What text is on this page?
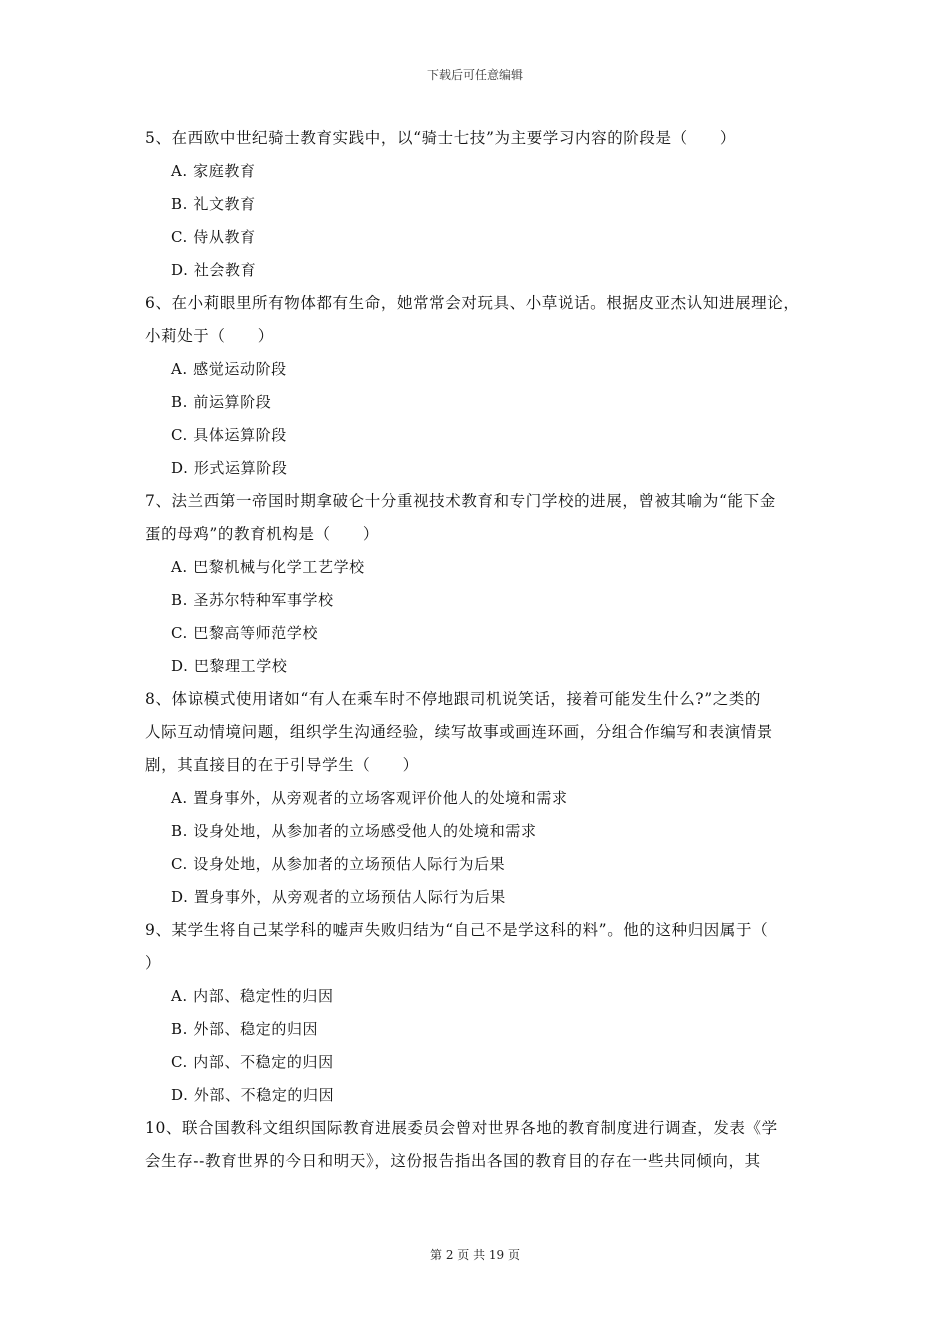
下载后可任意编辑

5、在西欧中世纪骑士教育实践中，以“骑士七技”为主要学习内容的阶段是（　　）

A. 家庭教育

B. 礼文教育

C. 侍从教育

D. 社会教育

6、在小莉眼里所有物体都有生命，她常常会对玩具、小草说话。根据皮亚杰认知进展理论，

小莉处于（　　）

A. 感觉运动阶段

B. 前运算阶段

C. 具体运算阶段

D. 形式运算阶段

7、法兰西第一帝国时期拿破仑十分重视技术教育和专门学校的进展，曾被其喻为“能下金

蛋的母鸡”的教育机构是（　　）

A. 巴黎机械与化学工艺学校

B. 圣苏尔特种军事学校

C. 巴黎高等师范学校

D. 巴黎理工学校

8、体谅模式使用诸如“有人在乘车时不停地跟司机说笑话，接着可能发生什么?”之类的

人际互动情境问题，组织学生沟通经验，续写故事或画连环画，分组合作编写和表演情景

剧，其直接目的在于引导学生（　　）

A. 置身事外，从旁观者的立场客观评价他人的处境和需求

B. 设身处地，从参加者的立场感受他人的处境和需求

C. 设身处地，从参加者的立场预估人际行为后果

D. 置身事外，从旁观者的立场预估人际行为后果

9、某学生将自己某学科的嘘声失败归结为“自己不是学这科的料”。他的这种归因属于（

）

A. 内部、稳定性的归因

B. 外部、稳定的归因

C. 内部、不稳定的归因

D. 外部、不稳定的归因

10、联合国教科文组织国际教育进展委员会曾对世界各地的教育制度进行调查，发表《学

会生存--教育世界的今日和明天》，这份报告指出各国的教育目的存在一些共同倾向，其

第 2 页 共 19 页
